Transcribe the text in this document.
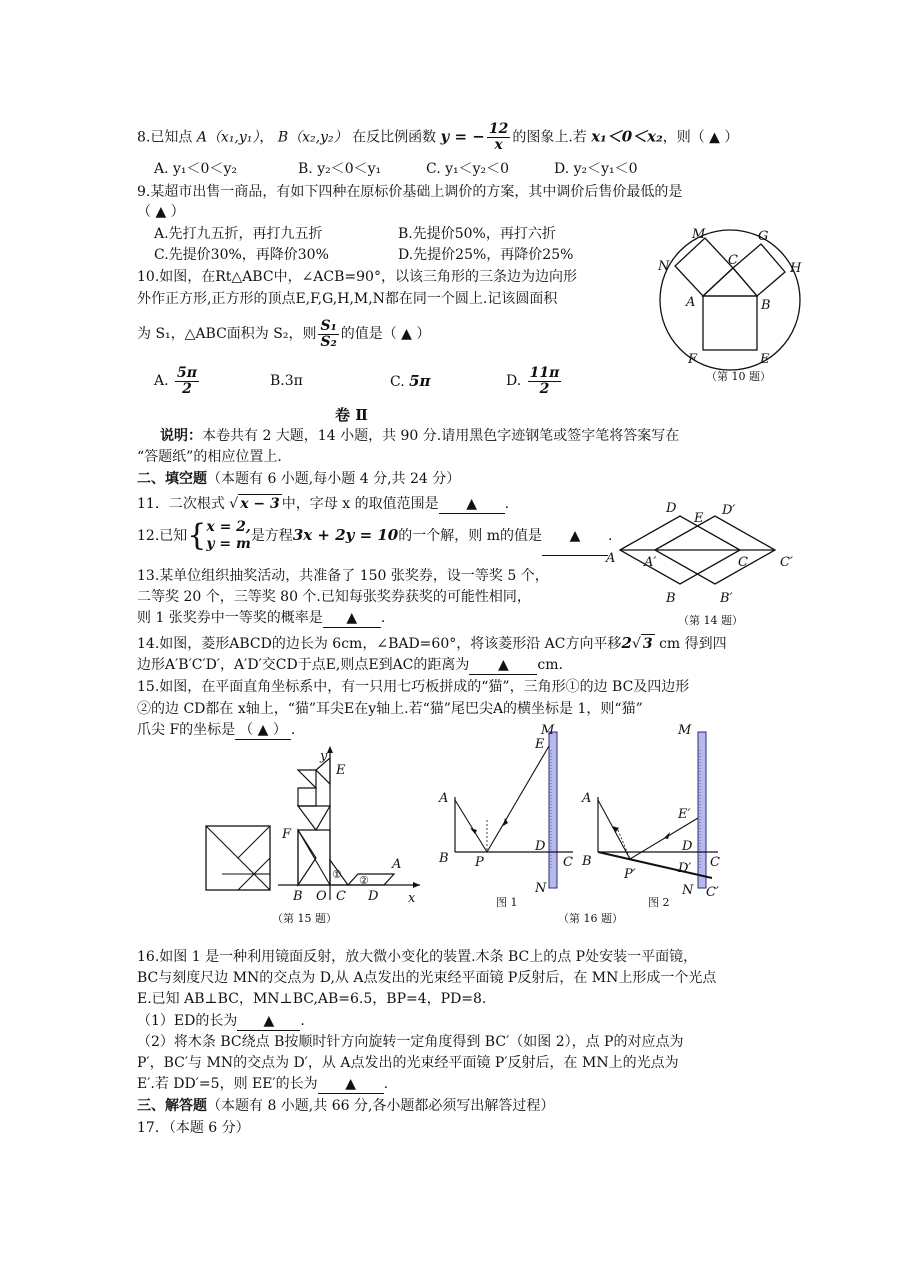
8.已知点 A（x₁,y₁）， B（x₂,y₂） 在反比例函数 y = − $\frac{12}{x}$ 的图象上.若 x₁＜0＜x₂，则（ ▲ ）
A. y₁＜0＜y₂	B. y₂＜0＜y₁	C. y₁＜y₂＜0	D. y₂＜y₁＜0
9.某超市出售一商品，有如下四种在原标价基础上调价的方案，其中调价后售价最低的是
（ ▲ ）
A.先打九五折，再打九五折	B.先提价50%，再打六折
C.先提价30%，再降价30%	D.先提价25%，再降价25%
10.如图，在Rt△ABC中，∠ACB=90°，以该三角形的三条边为边向形
外作正方形,正方形的顶点E,F,G,H,M,N都在同一个圆上.记该圆面积
为 S₁，△ABC面积为 S₂，则 $\frac{\text{S₁}}{\text{S₂}}$ 的值是（ ▲ ）
A. $\frac{5\pi}{2}$	B.3π	C. 5π	D. $\frac{11\pi}{2}$
M	G
N	C
H
A	B
F	E
（第 10 题）
卷 Ⅱ
说明：本卷共有 2 大题，14 小题，共 90 分.请用黑色字迹钢笔或签字笔将答案写在
“答题纸”的相应位置上.
二、填空题（本题有 6 小题,每小题 4 分,共 24 分）
11．二次根式 √ x − 3 中，字母 x 的取值范围是 ▲ .
12.已知{ x = 2,
y = m 是方程3x + 2y = 10的一个解，则 m的值是 ▲ .
13.某单位组织抽奖活动，共准备了 150 张奖券，设一等奖 5 个，
二等奖 20 个，三等奖 80 个.已知每张奖券获奖的可能性相同，
则 1 张奖券中一等奖的概率是 ▲ .
D
E
D′
A A′	C C′
B	B′
（第 14 题）
14.如图，菱形ABCD的边长为 6cm，∠BAD=60°，将该菱形沿 AC方向平移2√ 3 cm 得到四
边形A′B′C′D′，A′D′交CD于点E,则点E到AC的距离为 ▲ cm.
15.如图，在平面直角坐标系中，有一只用七巧板拼成的“猫”，三角形①的边 BC及四边形
②的边 CD都在 x轴上，“猫”耳尖E在y轴上.若“猫”尾巴尖A的横坐标是 1，则“猫”
爪尖 F的坐标是 （ ▲ ） .
y
E
F
A
① ②
B O C D x
（第 15 题）
M
E
A
B P
D
C
N
图 1
M
A
E′
B
D
C
D′
P′
N C′
图 2
（第 16 题）
16.如图 1 是一种利用镜面反射，放大微小变化的装置.木条 BC上的点 P处安装一平面镜，
BC与刻度尺边 MN的交点为 D,从 A点发出的光束经平面镜 P反射后，在 MN上形成一个光点
E.已知 AB⊥BC，MN⊥BC,AB=6.5，BP=4，PD=8.
（1）ED的长为 ▲ .
（2）将木条 BC绕点 B按顺时针方向旋转一定角度得到 BC′（如图 2），点 P的对应点为
P′，BC′与 MN的交点为 D′，从 A点发出的光束经平面镜 P′反射后，在 MN上的光点为
E′.若 DD′=5，则 EE′的长为 ▲ .
三、解答题（本题有 8 小题,共 66 分,各小题都必须写出解答过程）
17．（本题 6 分）
